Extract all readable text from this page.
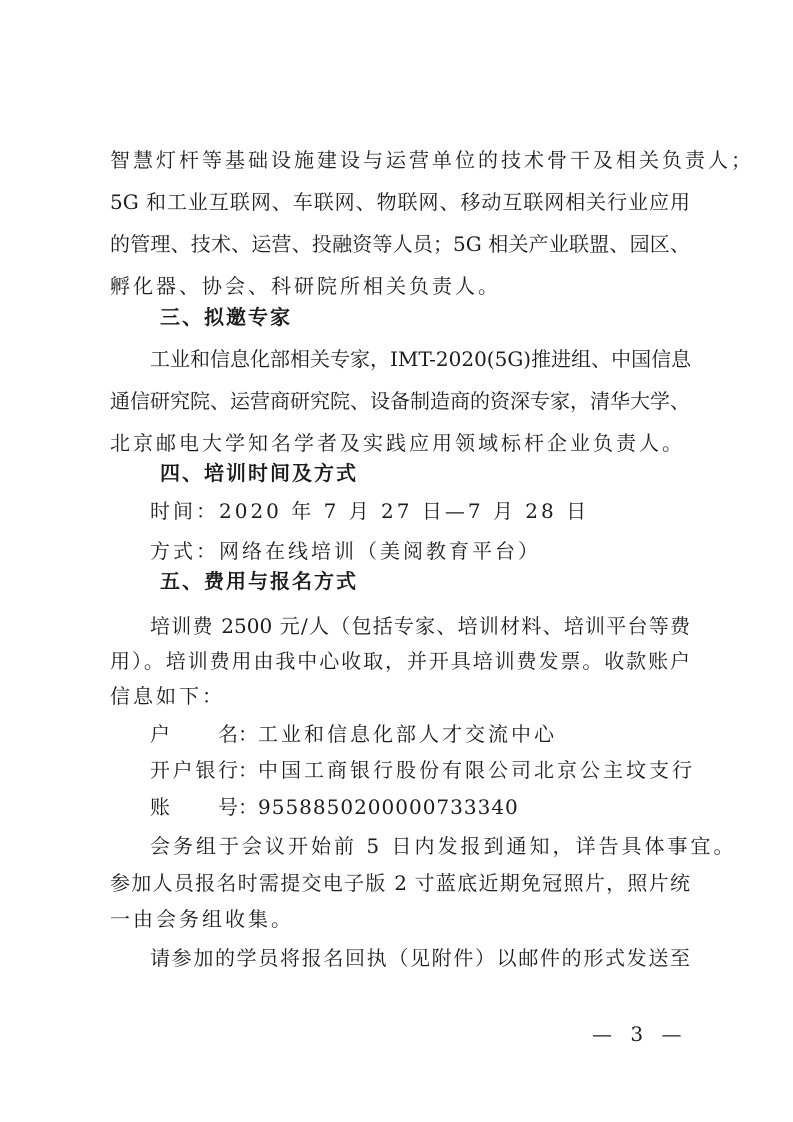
智慧灯杆等基础设施建设与运营单位的技术骨干及相关负责人；
5G 和工业互联网、车联网、物联网、移动互联网相关行业应用
的管理、技术、运营、投融资等人员；5G 相关产业联盟、园区、
孵化器、协会、科研院所相关负责人。
三、拟邀专家
工业和信息化部相关专家，IMT-2020(5G)推进组、中国信息
通信研究院、运营商研究院、设备制造商的资深专家，清华大学、
北京邮电大学知名学者及实践应用领域标杆企业负责人。
四、培训时间及方式
时间：2020 年 7 月 27 日—7 月 28 日
方式：网络在线培训（美阅教育平台）
五、费用与报名方式
培训费 2500 元/人（包括专家、培训材料、培训平台等费
用）。培训费用由我中心收取，并开具培训费发票。收款账户
信息如下：
户 名：工业和信息化部人才交流中心
开户银行：中国工商银行股份有限公司北京公主坟支行
账 号：9558850200000733340
会务组于会议开始前 5 日内发报到通知，详告具体事宜。
参加人员报名时需提交电子版 2 寸蓝底近期免冠照片，照片统
一由会务组收集。
请参加的学员将报名回执（见附件）以邮件的形式发送至
— 3 —
